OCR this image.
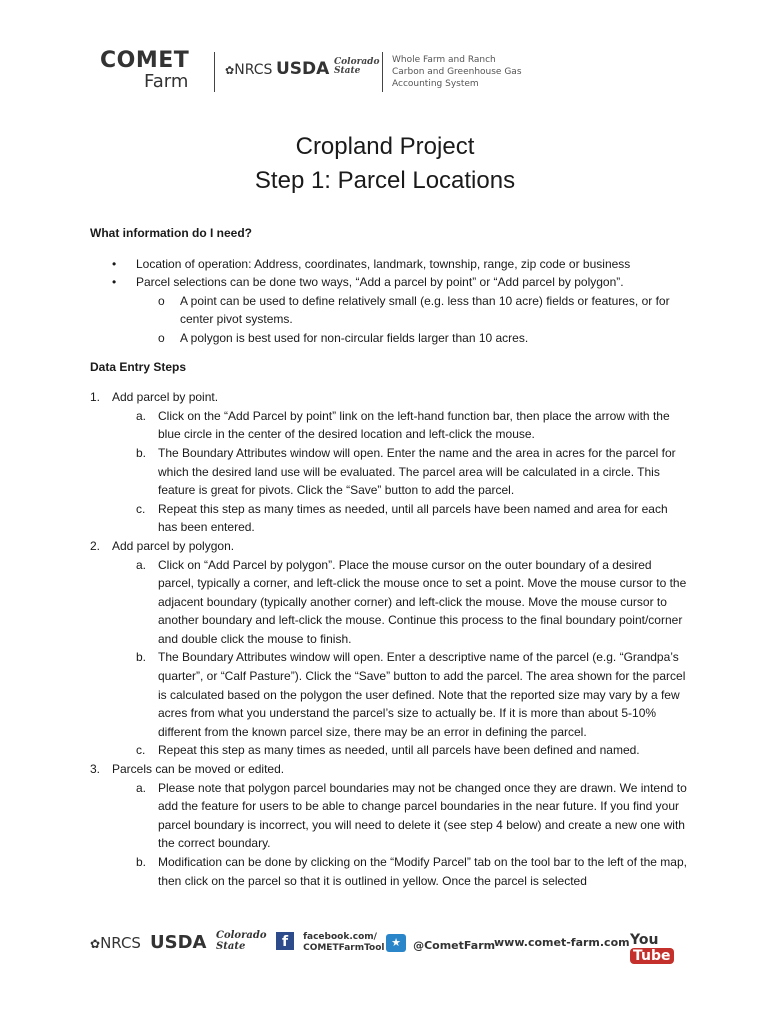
COMET
Farm
✿NRCS USDA Colorado State
Whole Farm and Ranch
Carbon and Greenhouse Gas
Accounting System
Cropland Project
Step 1: Parcel Locations
What information do I need?
• Location of operation: Address, coordinates, landmark, township, range, zip code or business
• Parcel selections can be done two ways, “Add a parcel by point” or “Add parcel by polygon”.
o A point can be used to define relatively small (e.g. less than 10 acre) fields or features, or for center pivot systems.
o A polygon is best used for non-circular fields larger than 10 acres.
Data Entry Steps
1. Add parcel by point.
a. Click on the “Add Parcel by point” link on the left-hand function bar, then place the arrow with the blue circle in the center of the desired location and left-click the mouse.
b. The Boundary Attributes window will open. Enter the name and the area in acres for the parcel for which the desired land use will be evaluated. The parcel area will be calculated in a circle. This feature is great for pivots. Click the “Save” button to add the parcel.
c. Repeat this step as many times as needed, until all parcels have been named and area for each has been entered.
2. Add parcel by polygon.
a. Click on “Add Parcel by polygon”. Place the mouse cursor on the outer boundary of a desired parcel, typically a corner, and left-click the mouse once to set a point. Move the mouse cursor to the adjacent boundary (typically another corner) and left-click the mouse. Move the mouse cursor to another boundary and left-click the mouse. Continue this process to the final boundary point/corner and double click the mouse to finish.
b. The Boundary Attributes window will open. Enter a descriptive name of the parcel (e.g. “Grandpa’s quarter”, or “Calf Pasture”). Click the “Save” button to add the parcel. The area shown for the parcel is calculated based on the polygon the user defined. Note that the reported size may vary by a few acres from what you understand the parcel’s size to actually be. If it is more than about 5-10% different from the known parcel size, there may be an error in defining the parcel.
c. Repeat this step as many times as needed, until all parcels have been defined and named.
3. Parcels can be moved or edited.
a. Please note that polygon parcel boundaries may not be changed once they are drawn. We intend to add the feature for users to be able to change parcel boundaries in the near future. If you find your parcel boundary is incorrect, you will need to delete it (see step 4 below) and create a new one with the correct boundary.
b. Modification can be done by clicking on the “Modify Parcel” tab on the tool bar to the left of the map, then click on the parcel so that it is outlined in yellow. Once the parcel is selected
✿NRCS USDA Colorado State	f facebook.com/
COMETFarmTool ★ @CometFarm
www.comet-farm.com YouTube
